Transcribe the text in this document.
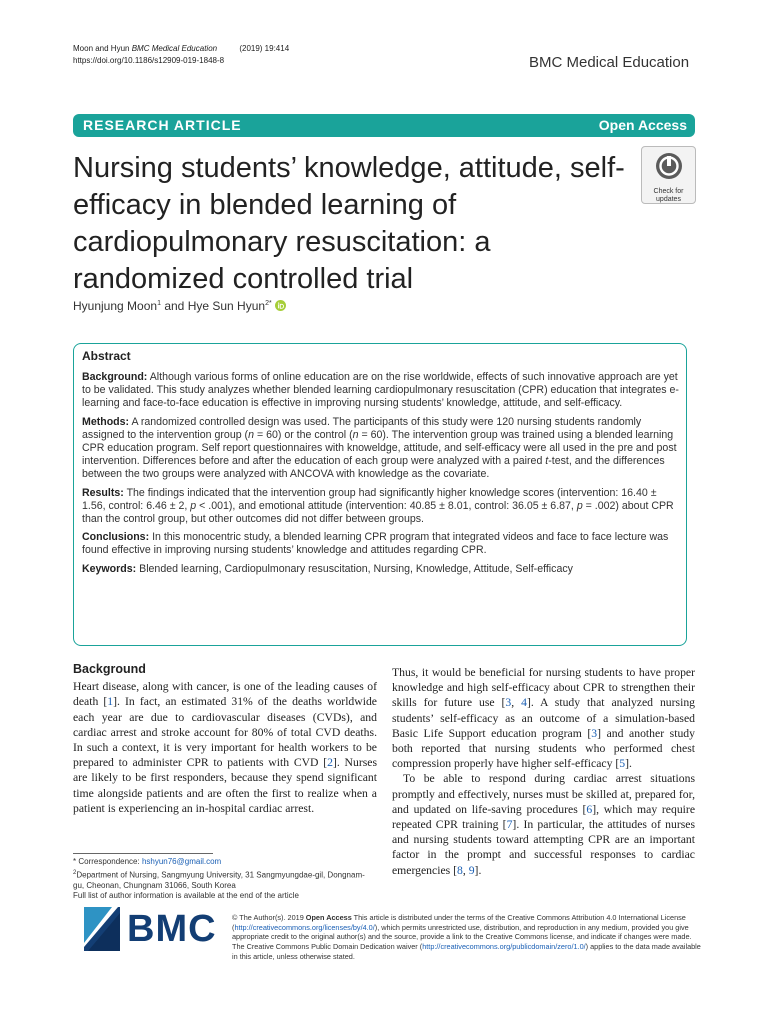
Moon and Hyun BMC Medical Education	(2019) 19:414
https://doi.org/10.1186/s12909-019-1848-8	BMC Medical Education
RESEARCH ARTICLE	Open Access
Nursing students’ knowledge, attitude, self-efficacy in blended learning of cardiopulmonary resuscitation: a randomized controlled trial
Check for
updates
Hyunjung Moon$^1$ and Hye Sun Hyun$^{2*}$
Abstract

Background: Although various forms of online education are on the rise worldwide, effects of such innovative approach are yet to be validated. This study analyzes whether blended learning cardiopulmonary resuscitation (CPR) education that integrates e-learning and face-to-face education is effective in improving nursing students’ knowledge, attitude, and self-efficacy.

Methods: A randomized controlled design was used. The participants of this study were 120 nursing students randomly assigned to the intervention group (n = 60) or the control (n = 60). The intervention group was trained using a blended learning CPR education program. Self report questionnaires with knoweldge, attitude, and self-efficacy were all used in the pre and post intervention. Differences before and after the education of each group were analyzed with a paired t-test, and the differences between the two groups were analyzed with ANCOVA with knowledge as the covariate.

Results: The findings indicated that the intervention group had significantly higher knowledge scores (intervention: 16.40 ± 1.56, control: 6.46 ± 2, p < .001), and emotional attitude (intervention: 40.85 ± 8.01, control: 36.05 ± 6.87, p = .002) about CPR than the control group, but other outcomes did not differ between groups.

Conclusions: In this monocentric study, a blended learning CPR program that integrated videos and face to face lecture was found effective in improving nursing students’ knowledge and attitudes regarding CPR.

Keywords: Blended learning, Cardiopulmonary resuscitation, Nursing, Knowledge, Attitude, Self-efficacy

Background
Heart disease, along with cancer, is one of the leading causes of death [1]. In fact, an estimated 31% of the deaths worldwide each year are due to cardiovascular diseases (CVDs), and cardiac arrest and stroke account for 80% of total CVD deaths. In such a context, it is very important for health workers to be prepared to administer CPR to patients with CVD [2]. Nurses are likely to be first responders, because they spend significant time alongside patients and are often the first to realize when a patient is experiencing an in-hospital cardiac arrest.
Thus, it would be beneficial for nursing students to have proper knowledge and high self-efficacy about CPR to strengthen their skills for future use [3, 4]. A study that analyzed nursing students’ self-efficacy as an outcome of a simulation-based Basic Life Support education program [3] and another study both reported that nursing students who performed chest compression properly have higher self-efficacy [5].
To be able to respond during cardiac arrest situations promptly and effectively, nurses must be skilled at, prepared for, and updated on life-saving procedures [6], which may require repeated CPR training [7]. In particular, the attitudes of nurses and nursing students toward attempting CPR are an important factor in the prompt and successful responses to cardiac emergencies [8, 9].
* Correspondence: hshyun76@gmail.com
$^2$Department of Nursing, Sangmyung University, 31 Sangmyungdae-gil, Dongnam-gu, Cheonan, Chungnam 31066, South Korea
Full list of author information is available at the end of the article
BMC © The Author(s). 2019 Open Access This article is distributed under the terms of the Creative Commons Attribution 4.0 International License (http://creativecommons.org/licenses/by/4.0/), which permits unrestricted use, distribution, and reproduction in any medium, provided you give appropriate credit to the original author(s) and the source, provide a link to the Creative Commons license, and indicate if changes were made. The Creative Commons Public Domain Dedication waiver (http://creativecommons.org/publicdomain/zero/1.0/) applies to the data made available in this article, unless otherwise stated.
